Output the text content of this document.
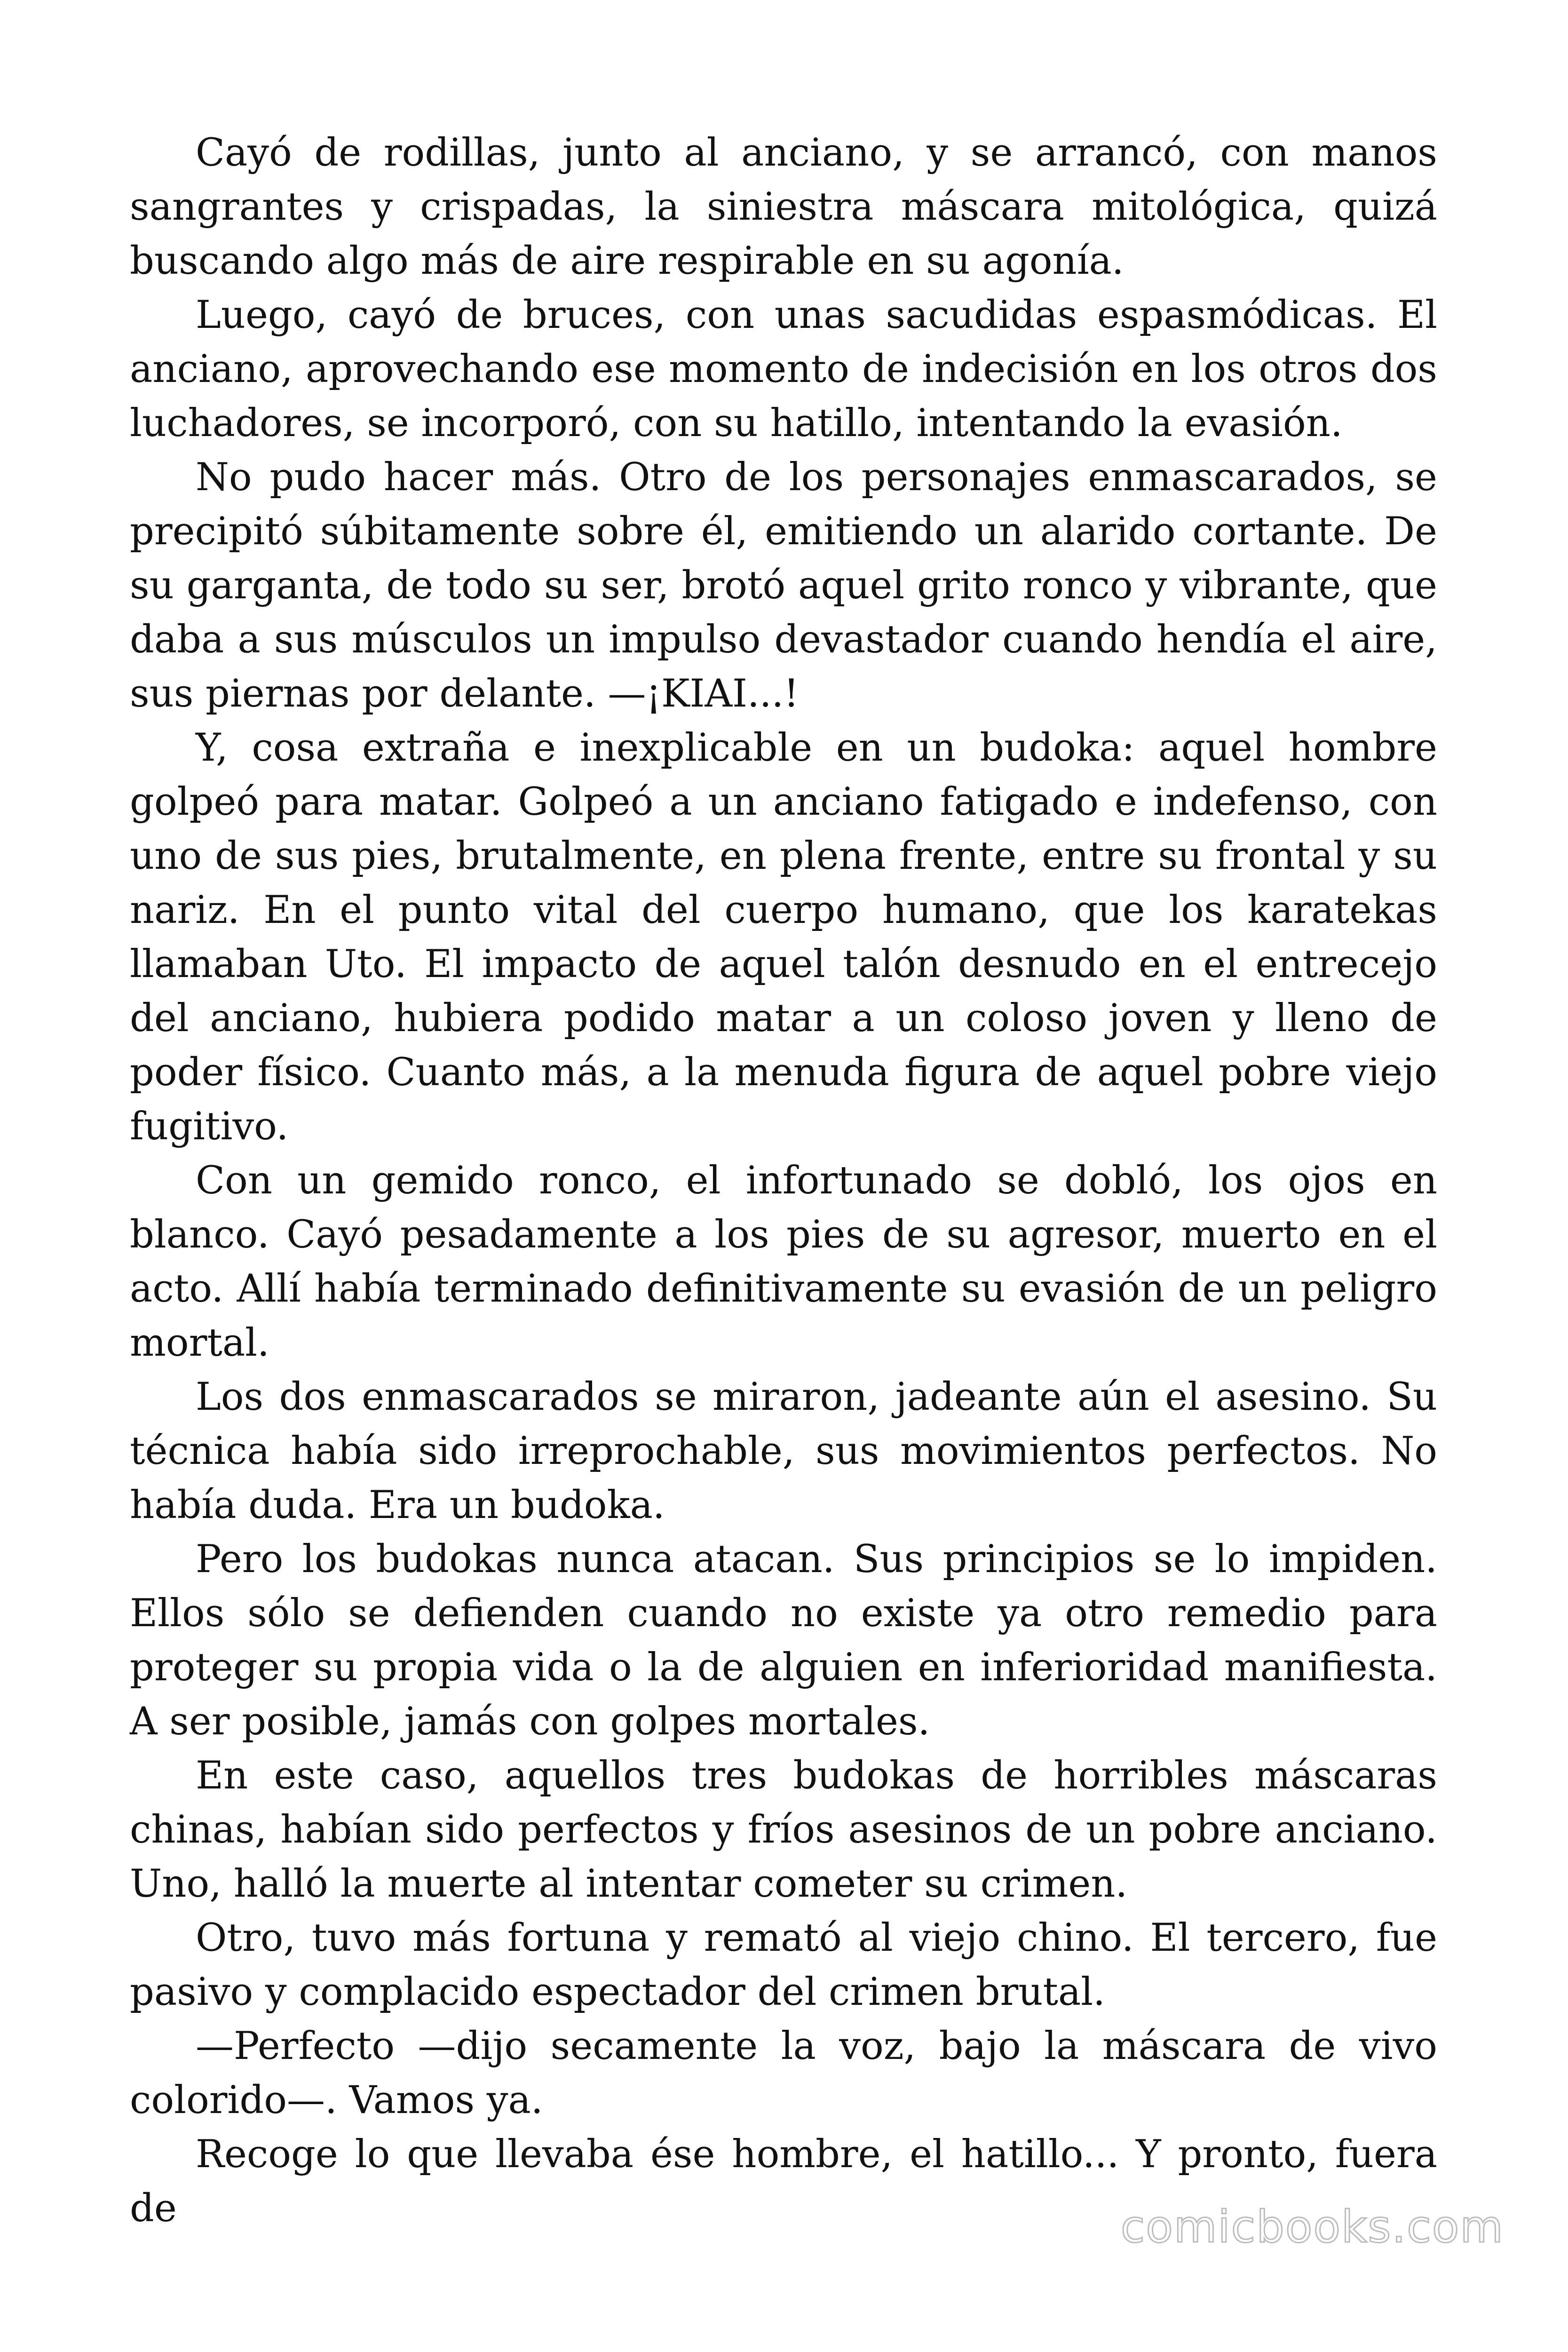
Cayó de rodillas, junto al anciano, y se arrancó, con manos sangrantes y crispadas, la siniestra máscara mitológica, quizá buscando algo más de aire respirable en su agonía.

Luego, cayó de bruces, con unas sacudidas espasmódicas. El anciano, aprovechando ese momento de indecisión en los otros dos luchadores, se incorporó, con su hatillo, intentando la evasión.

No pudo hacer más. Otro de los personajes enmascarados, se precipitó súbitamente sobre él, emitiendo un alarido cortante. De su garganta, de todo su ser, brotó aquel grito ronco y vibrante, que daba a sus músculos un impulso devastador cuando hendía el aire, sus piernas por delante. —¡KIAI...!

Y, cosa extraña e inexplicable en un budoka: aquel hombre golpeó para matar. Golpeó a un anciano fatigado e indefenso, con uno de sus pies, brutalmente, en plena frente, entre su frontal y su nariz. En el punto vital del cuerpo humano, que los karatekas llamaban Uto. El impacto de aquel talón desnudo en el entrecejo del anciano, hubiera podido matar a un coloso joven y lleno de poder físico. Cuanto más, a la menuda figura de aquel pobre viejo fugitivo.

Con un gemido ronco, el infortunado se dobló, los ojos en blanco. Cayó pesadamente a los pies de su agresor, muerto en el acto. Allí había terminado definitivamente su evasión de un peligro mortal.

Los dos enmascarados se miraron, jadeante aún el asesino. Su técnica había sido irreprochable, sus movimientos perfectos. No había duda. Era un budoka.

Pero los budokas nunca atacan. Sus principios se lo impiden. Ellos sólo se defienden cuando no existe ya otro remedio para proteger su propia vida o la de alguien en inferioridad manifiesta. A ser posible, jamás con golpes mortales.

En este caso, aquellos tres budokas de horribles máscaras chinas, habían sido perfectos y fríos asesinos de un pobre anciano. Uno, halló la muerte al intentar cometer su crimen.

Otro, tuvo más fortuna y remató al viejo chino. El tercero, fue pasivo y complacido espectador del crimen brutal.

—Perfecto —dijo secamente la voz, bajo la máscara de vivo colorido—. Vamos ya.

Recoge lo que llevaba ése hombre, el hatillo... Y pronto, fuera de	comicbooks.com
